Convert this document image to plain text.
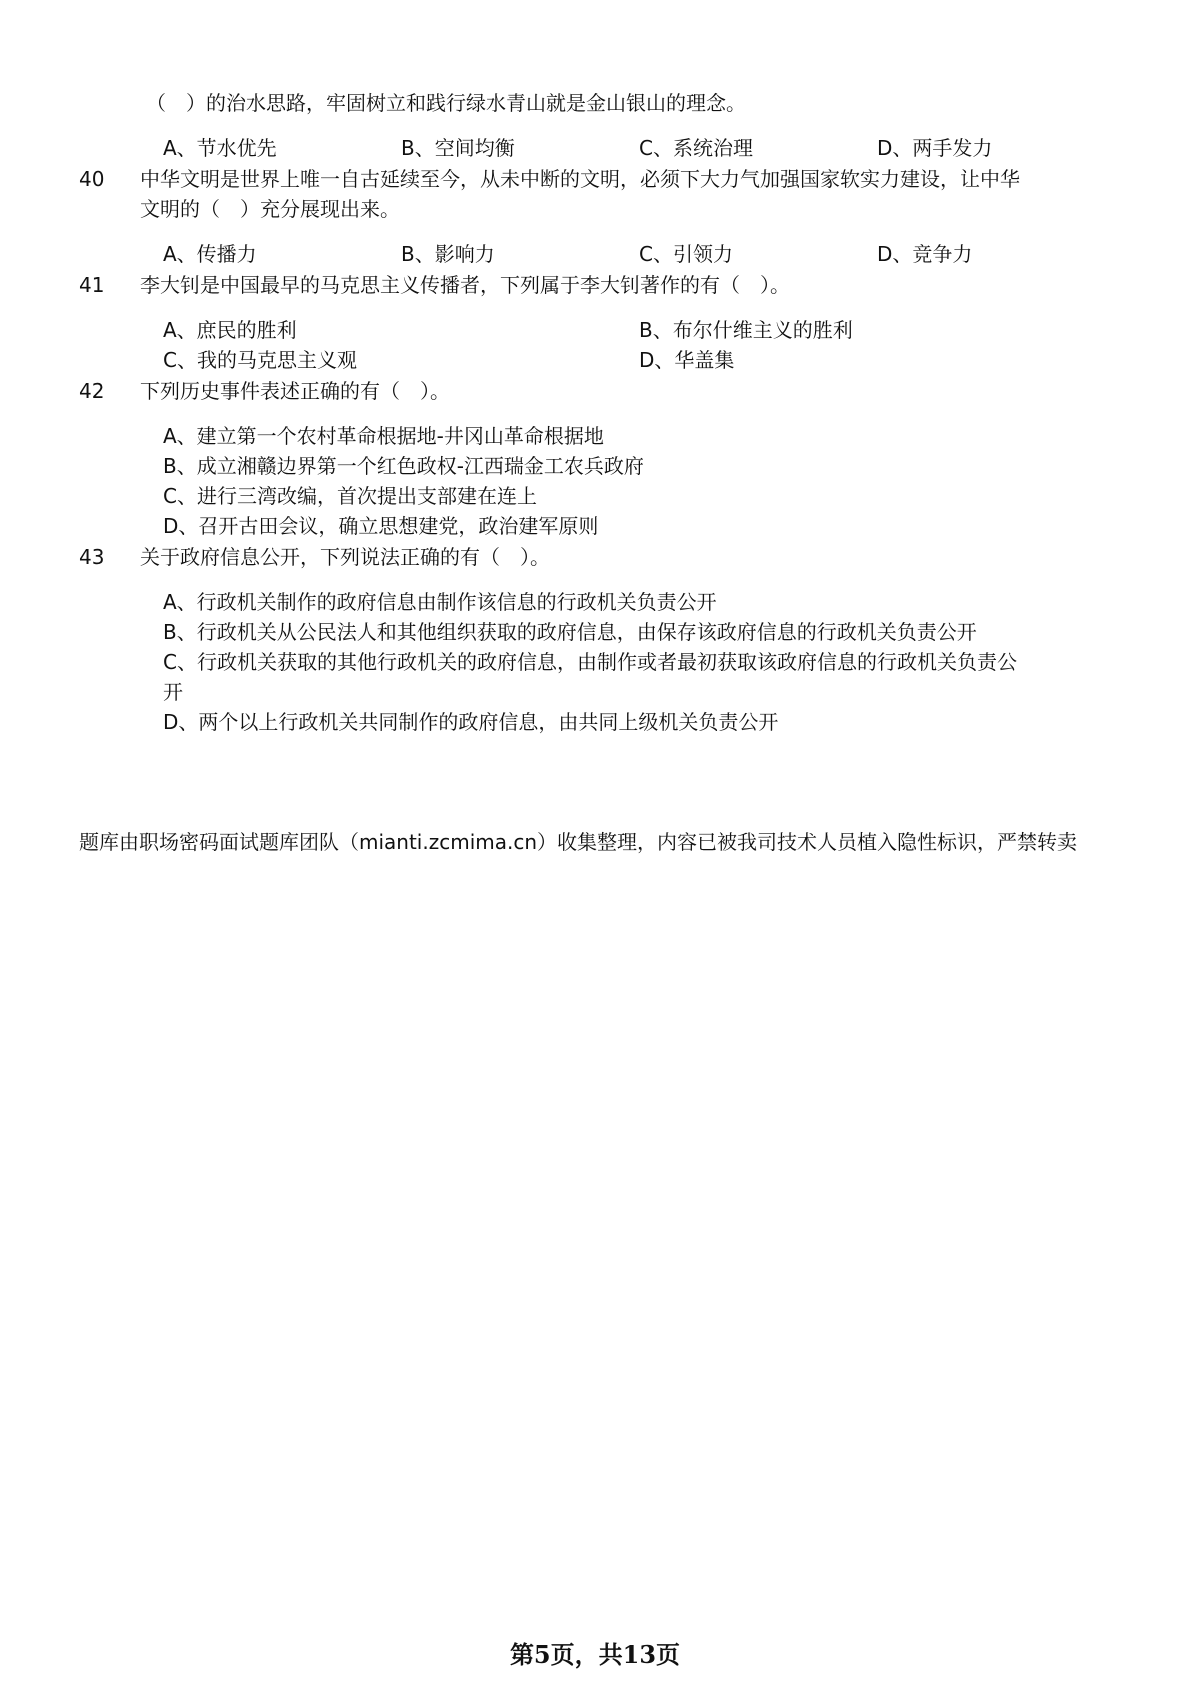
（　）的治水思路，牢固树立和践行绿水青山就是金山银山的理念。
A、节水优先	B、空间均衡	C、系统治理	D、两手发力
40 中华文明是世界上唯一自古延续至今，从未中断的文明，必须下大力气加强国家软实力建设，让中华
文明的（　）充分展现出来。
A、传播力	B、影响力	C、引领力	D、竞争力
41 李大钊是中国最早的马克思主义传播者，下列属于李大钊著作的有（　）。
A、庶民的胜利	B、布尔什维主义的胜利
C、我的马克思主义观	D、华盖集
42 下列历史事件表述正确的有（　）。
A、建立第一个农村革命根据地-井冈山革命根据地
B、成立湘赣边界第一个红色政权-江西瑞金工农兵政府
C、进行三湾改编，首次提出支部建在连上
D、召开古田会议，确立思想建党，政治建军原则
43 关于政府信息公开，下列说法正确的有（　）。
A、行政机关制作的政府信息由制作该信息的行政机关负责公开
B、行政机关从公民法人和其他组织获取的政府信息，由保存该政府信息的行政机关负责公开
C、行政机关获取的其他行政机关的政府信息，由制作或者最初获取该政府信息的行政机关负责公
开
D、两个以上行政机关共同制作的政府信息，由共同上级机关负责公开
题库由职场密码面试题库团队（mianti.zcmima.cn）收集整理，内容已被我司技术人员植入隐性标识，严禁转卖
第5页，共13页
